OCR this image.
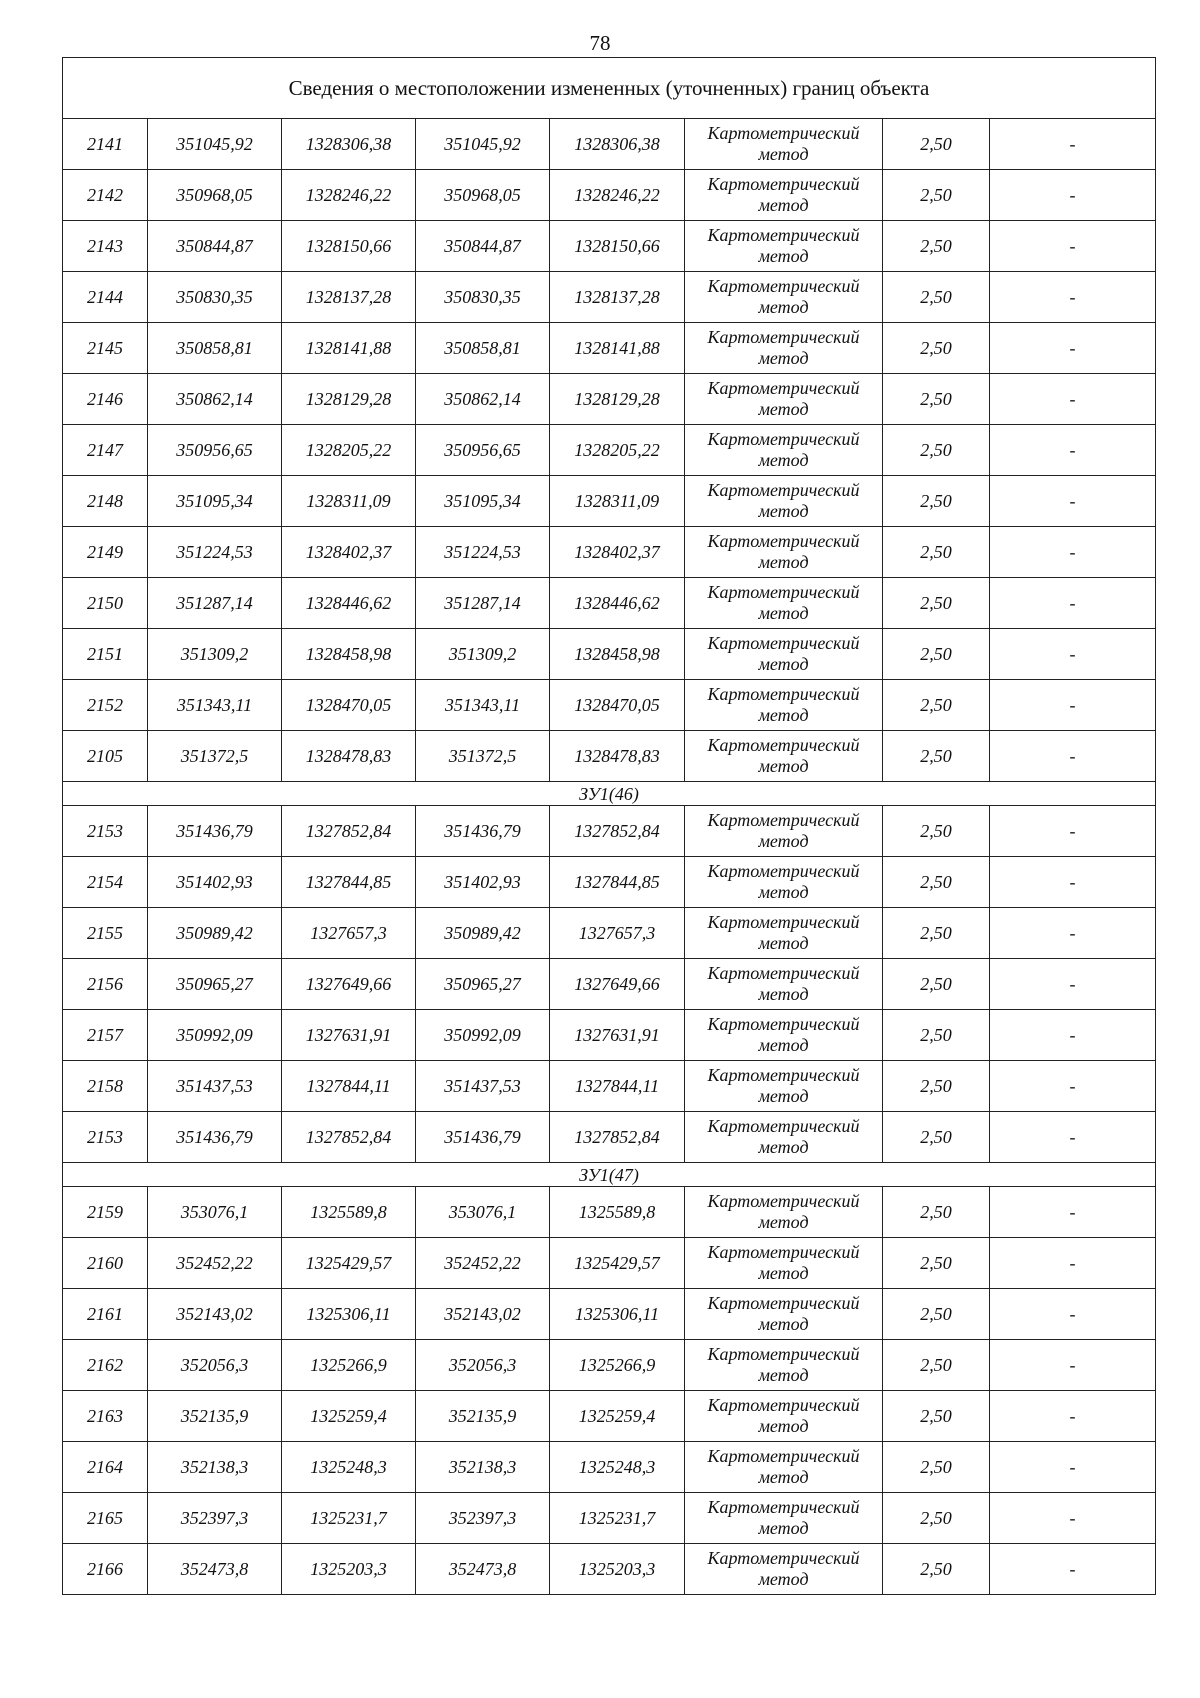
78
Сведения о местоположении измененных (уточненных) границ объекта							
2141	351045,92	1328306,38	351045,92	1328306,38	Картометрический метод	2,50	-
2142	350968,05	1328246,22	350968,05	1328246,22	Картометрический метод	2,50	-
2143	350844,87	1328150,66	350844,87	1328150,66	Картометрический метод	2,50	-
2144	350830,35	1328137,28	350830,35	1328137,28	Картометрический метод	2,50	-
2145	350858,81	1328141,88	350858,81	1328141,88	Картометрический метод	2,50	-
2146	350862,14	1328129,28	350862,14	1328129,28	Картометрический метод	2,50	-
2147	350956,65	1328205,22	350956,65	1328205,22	Картометрический метод	2,50	-
2148	351095,34	1328311,09	351095,34	1328311,09	Картометрический метод	2,50	-
2149	351224,53	1328402,37	351224,53	1328402,37	Картометрический метод	2,50	-
2150	351287,14	1328446,62	351287,14	1328446,62	Картометрический метод	2,50	-
2151	351309,2	1328458,98	351309,2	1328458,98	Картометрический метод	2,50	-
2152	351343,11	1328470,05	351343,11	1328470,05	Картометрический метод	2,50	-
2105	351372,5	1328478,83	351372,5	1328478,83	Картометрический метод	2,50	-
ЗУ1(46)							
2153	351436,79	1327852,84	351436,79	1327852,84	Картометрический метод	2,50	-
2154	351402,93	1327844,85	351402,93	1327844,85	Картометрический метод	2,50	-
2155	350989,42	1327657,3	350989,42	1327657,3	Картометрический метод	2,50	-
2156	350965,27	1327649,66	350965,27	1327649,66	Картометрический метод	2,50	-
2157	350992,09	1327631,91	350992,09	1327631,91	Картометрический метод	2,50	-
2158	351437,53	1327844,11	351437,53	1327844,11	Картометрический метод	2,50	-
2153	351436,79	1327852,84	351436,79	1327852,84	Картометрический метод	2,50	-
ЗУ1(47)							
2159	353076,1	1325589,8	353076,1	1325589,8	Картометрический метод	2,50	-
2160	352452,22	1325429,57	352452,22	1325429,57	Картометрический метод	2,50	-
2161	352143,02	1325306,11	352143,02	1325306,11	Картометрический метод	2,50	-
2162	352056,3	1325266,9	352056,3	1325266,9	Картометрический метод	2,50	-
2163	352135,9	1325259,4	352135,9	1325259,4	Картометрический метод	2,50	-
2164	352138,3	1325248,3	352138,3	1325248,3	Картометрический метод	2,50	-
2165	352397,3	1325231,7	352397,3	1325231,7	Картометрический метод	2,50	-
2166	352473,8	1325203,3	352473,8	1325203,3	Картометрический метод	2,50	-
